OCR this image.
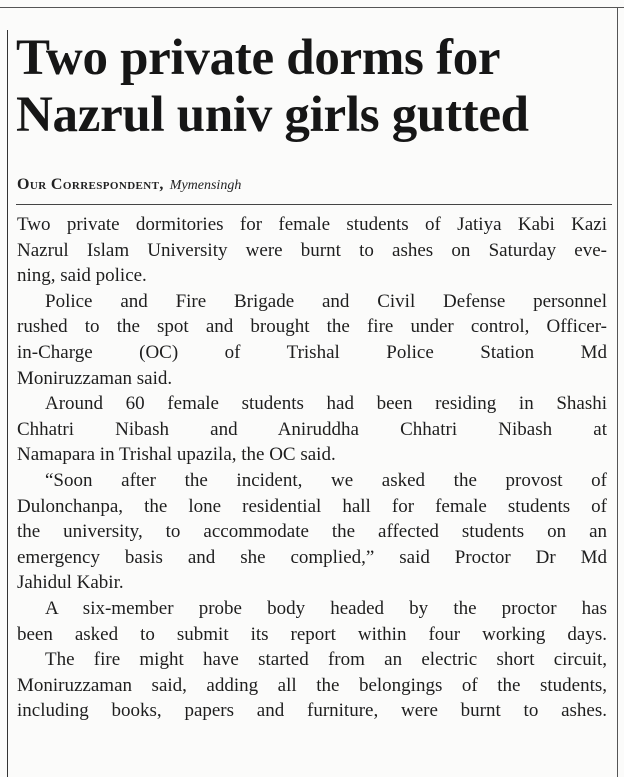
Two private dorms for
Nazrul univ girls gutted
Our Correspondent, Mymensingh
Two private dormitories for female students of Jatiya Kabi Kazi
Nazrul Islam University were burnt to ashes on Saturday eve-
ning, said police.
Police and Fire Brigade and Civil Defense personnel
rushed to the spot and brought the fire under control, Officer-
in-Charge (OC) of Trishal Police Station Md
Moniruzzaman said.
Around 60 female students had been residing in Shashi
Chhatri Nibash and Aniruddha Chhatri Nibash at
Namapara in Trishal upazila, the OC said.
“Soon after the incident, we asked the provost of
Dulonchanpa, the lone residential hall for female students of
the university, to accommodate the affected students on an
emergency basis and she complied,” said Proctor Dr Md
Jahidul Kabir.
A six-member probe body headed by the proctor has
been asked to submit its report within four working days.
The fire might have started from an electric short circuit,
Moniruzzaman said, adding all the belongings of the students,
including books, papers and furniture, were burnt to ashes.
